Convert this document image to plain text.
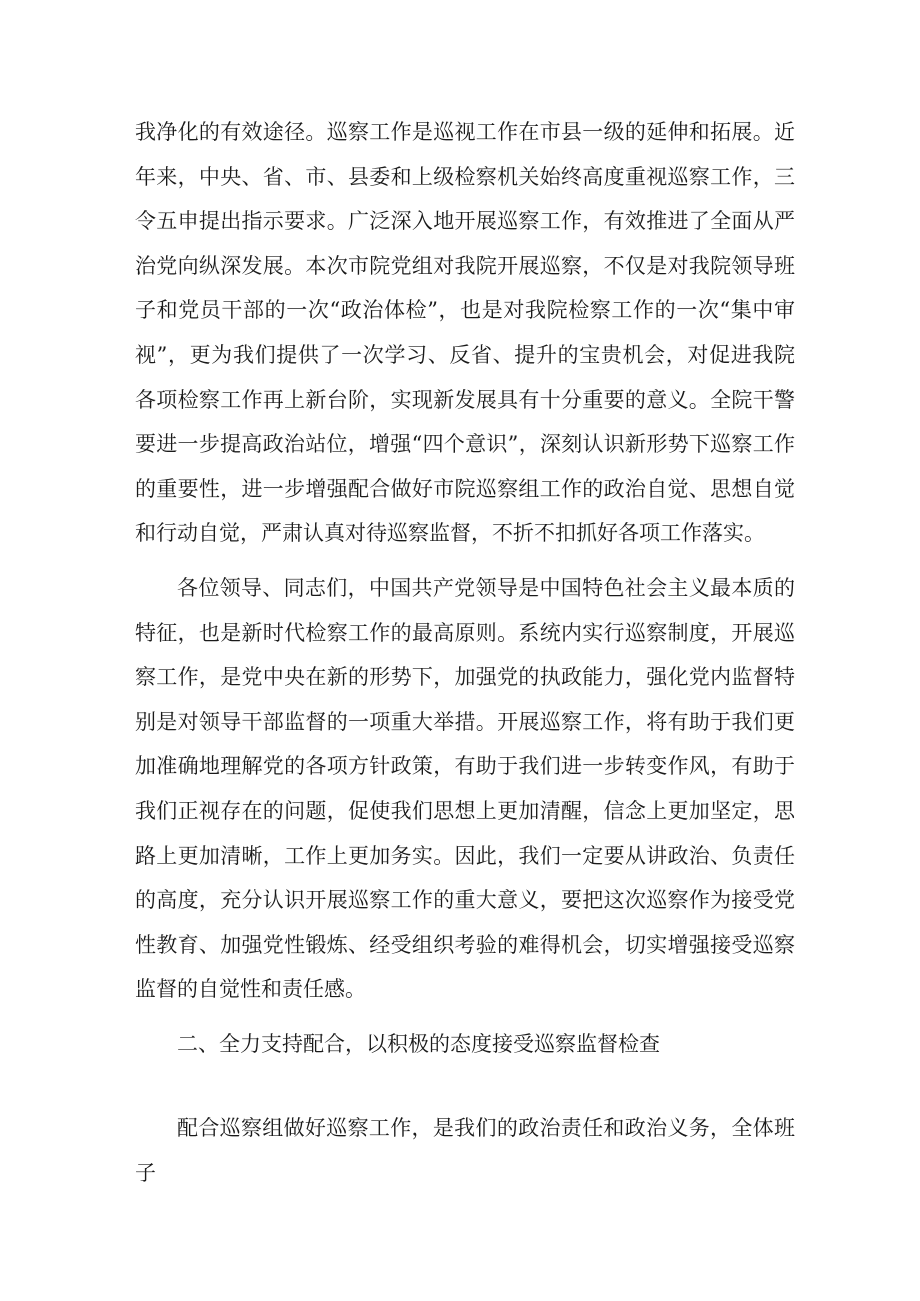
我净化的有效途径。巡察工作是巡视工作在市县一级的延伸和拓展。近年来，中央、省、市、县委和上级检察机关始终高度重视巡察工作，三令五申提出指示要求。广泛深入地开展巡察工作，有效推进了全面从严治党向纵深发展。本次市院党组对我院开展巡察，不仅是对我院领导班子和党员干部的一次“政治体检”，也是对我院检察工作的一次“集中审视”，更为我们提供了一次学习、反省、提升的宝贵机会，对促进我院各项检察工作再上新台阶，实现新发展具有十分重要的意义。全院干警要进一步提高政治站位，增强“四个意识”，深刻认识新形势下巡察工作的重要性，进一步增强配合做好市院巡察组工作的政治自觉、思想自觉和行动自觉，严肃认真对待巡察监督，不折不扣抓好各项工作落实。
各位领导、同志们，中国共产党领导是中国特色社会主义最本质的特征，也是新时代检察工作的最高原则。系统内实行巡察制度，开展巡察工作，是党中央在新的形势下，加强党的执政能力，强化党内监督特别是对领导干部监督的一项重大举措。开展巡察工作，将有助于我们更加准确地理解党的各项方针政策，有助于我们进一步转变作风，有助于我们正视存在的问题，促使我们思想上更加清醒，信念上更加坚定，思路上更加清晰，工作上更加务实。因此，我们一定要从讲政治、负责任的高度，充分认识开展巡察工作的重大意义，要把这次巡察作为接受党性教育、加强党性锻炼、经受组织考验的难得机会，切实增强接受巡察监督的自觉性和责任感。
二、全力支持配合，以积极的态度接受巡察监督检查
配合巡察组做好巡察工作，是我们的政治责任和政治义务，全体班子
